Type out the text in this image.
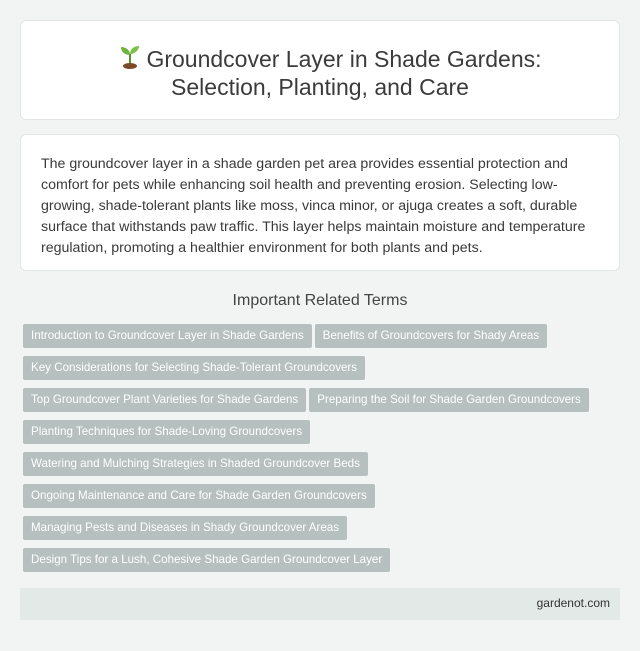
Groundcover Layer in Shade Gardens:
Selection, Planting, and Care

The groundcover layer in a shade garden pet area provides essential protection and comfort for pets while enhancing soil health and preventing erosion. Selecting low-growing, shade-tolerant plants like moss, vinca minor, or ajuga creates a soft, durable surface that withstands paw traffic. This layer helps maintain moisture and temperature regulation, promoting a healthier environment for both plants and pets.

Important Related Terms
Introduction to Groundcover Layer in Shade Gardens Benefits of Groundcovers for Shady Areas
Key Considerations for Selecting Shade-Tolerant Groundcovers
Top Groundcover Plant Varieties for Shade Gardens Preparing the Soil for Shade Garden Groundcovers
Planting Techniques for Shade-Loving Groundcovers
Watering and Mulching Strategies in Shaded Groundcover Beds
Ongoing Maintenance and Care for Shade Garden Groundcovers
Managing Pests and Diseases in Shady Groundcover Areas
Design Tips for a Lush, Cohesive Shade Garden Groundcover Layer
gardenot.com
